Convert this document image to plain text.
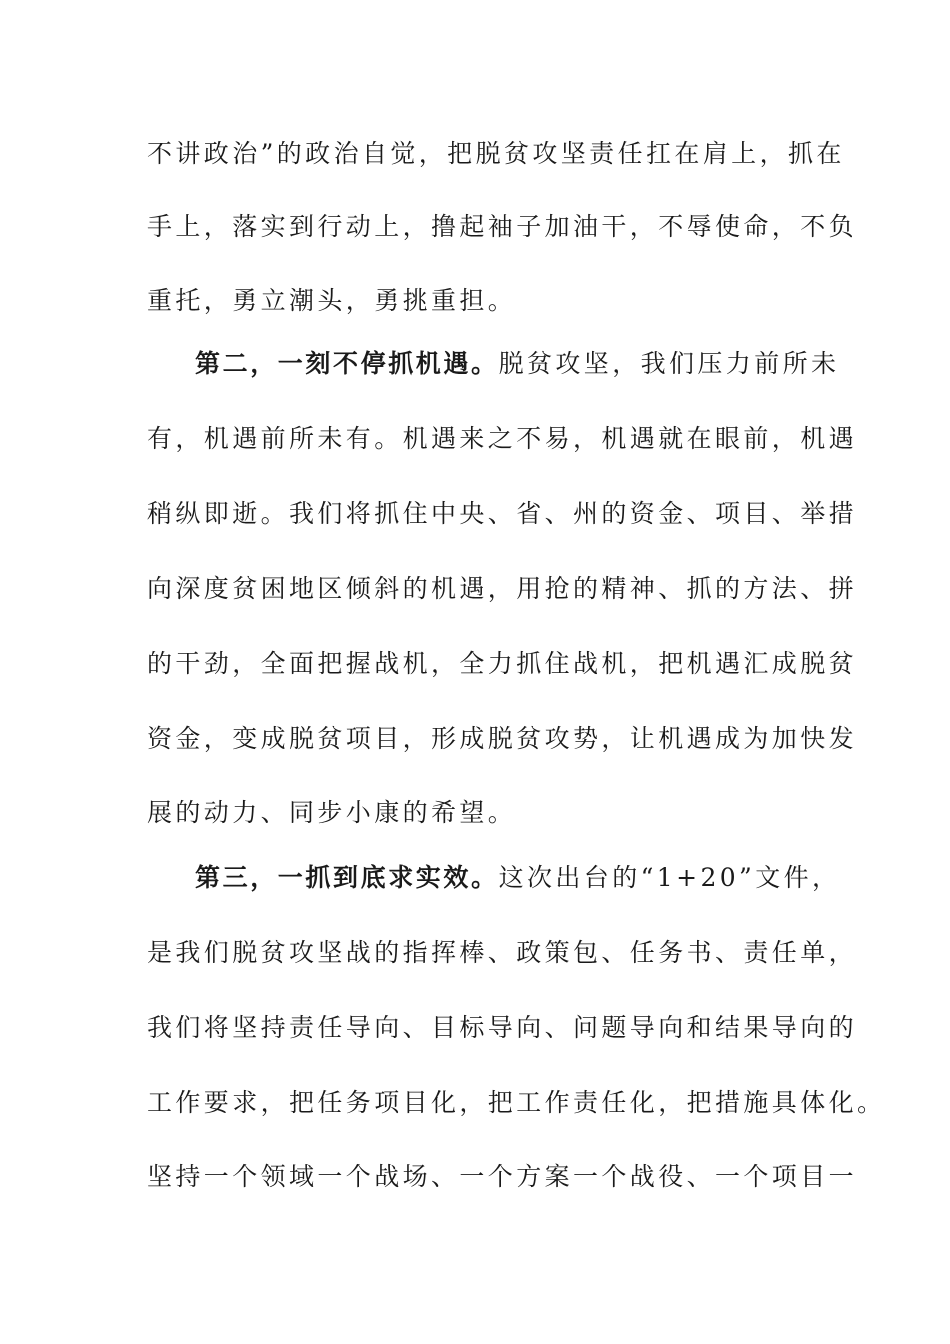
不讲政治”的政治自觉，把脱贫攻坚责任扛在肩上，抓在
手上，落实到行动上，撸起袖子加油干，不辱使命，不负
重托，勇立潮头，勇挑重担。
第二，一刻不停抓机遇。脱贫攻坚，我们压力前所未
有，机遇前所未有。机遇来之不易，机遇就在眼前，机遇
稍纵即逝。我们将抓住中央、省、州的资金、项目、举措
向深度贫困地区倾斜的机遇，用抢的精神、抓的方法、拼
的干劲，全面把握战机，全力抓住战机，把机遇汇成脱贫
资金，变成脱贫项目，形成脱贫攻势，让机遇成为加快发
展的动力、同步小康的希望。
第三，一抓到底求实效。这次出台的“1+20”文件，
是我们脱贫攻坚战的指挥棒、政策包、任务书、责任单，
我们将坚持责任导向、目标导向、问题导向和结果导向的
工作要求，把任务项目化，把工作责任化，把措施具体化。
坚持一个领域一个战场、一个方案一个战役、一个项目一
